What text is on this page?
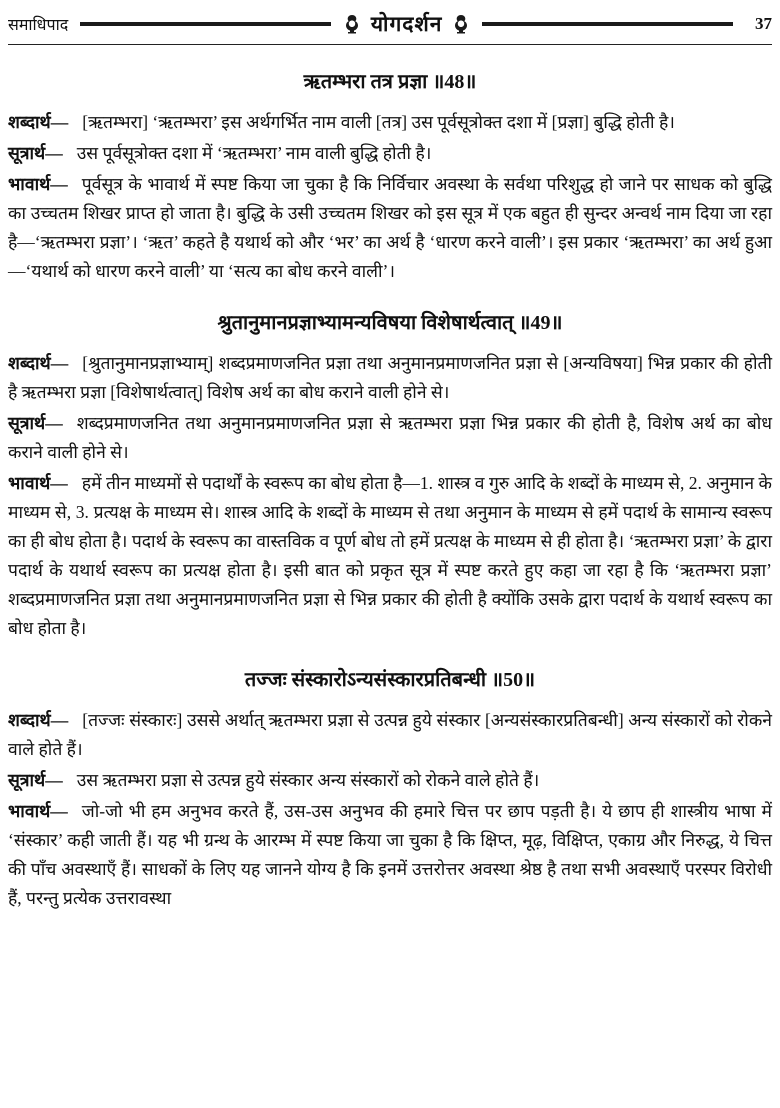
समाधिपाद	योगदर्शन	37
ऋतम्भरा तत्र प्रज्ञा ॥48॥

शब्दार्थ— [ऋतम्भरा] ‘ऋतम्भरा’ इस अर्थगर्भित नाम वाली [तत्र] उस पूर्वसूत्रोक्त दशा में [प्रज्ञा] बुद्धि होती है।

सूत्रार्थ— उस पूर्वसूत्रोक्त दशा में ‘ऋतम्भरा’ नाम वाली बुद्धि होती है।

भावार्थ— पूर्वसूत्र के भावार्थ में स्पष्ट किया जा चुका है कि निर्विचार अवस्था के सर्वथा परिशुद्ध हो जाने पर साधक को बुद्धि का उच्चतम शिखर प्राप्त हो जाता है। बुद्धि के उसी उच्चतम शिखर को इस सूत्र में एक बहुत ही सुन्दर अन्वर्थ नाम दिया जा रहा है—‘ऋतम्भरा प्रज्ञा’। ‘ऋत’ कहते है यथार्थ को और ‘भर’ का अर्थ है ‘धारण करने वाली’। इस प्रकार ‘ऋतम्भरा’ का अर्थ हुआ—‘यथार्थ को धारण करने वाली’ या ‘सत्य का बोध करने वाली’।

श्रुतानुमानप्रज्ञाभ्यामन्यविषया विशेषार्थत्वात् ॥49॥

शब्दार्थ— [श्रुतानुमानप्रज्ञाभ्याम्] शब्दप्रमाणजनित प्रज्ञा तथा अनुमानप्रमाणजनित प्रज्ञा से [अन्यविषया] भिन्न प्रकार की होती है ऋतम्भरा प्रज्ञा [विशेषार्थत्वात्] विशेष अर्थ का बोध कराने वाली होने से।

सूत्रार्थ— शब्दप्रमाणजनित तथा अनुमानप्रमाणजनित प्रज्ञा से ऋतम्भरा प्रज्ञा भिन्न प्रकार की होती है, विशेष अर्थ का बोध कराने वाली होने से।

भावार्थ— हमें तीन माध्यमों से पदार्थों के स्वरूप का बोध होता है—1. शास्त्र व गुरु आदि के शब्दों के माध्यम से, 2. अनुमान के माध्यम से, 3. प्रत्यक्ष के माध्यम से। शास्त्र आदि के शब्दों के माध्यम से तथा अनुमान के माध्यम से हमें पदार्थ के सामान्य स्वरूप का ही बोध होता है। पदार्थ के स्वरूप का वास्तविक व पूर्ण बोध तो हमें प्रत्यक्ष के माध्यम से ही होता है। ‘ऋतम्भरा प्रज्ञा’ के द्वारा पदार्थ के यथार्थ स्वरूप का प्रत्यक्ष होता है। इसी बात को प्रकृत सूत्र में स्पष्ट करते हुए कहा जा रहा है कि ‘ऋतम्भरा प्रज्ञा’ शब्दप्रमाणजनित प्रज्ञा तथा अनुमानप्रमाणजनित प्रज्ञा से भिन्न प्रकार की होती है क्योंकि उसके द्वारा पदार्थ के यथार्थ स्वरूप का बोध होता है।

तज्जः संस्कारोऽन्यसंस्कारप्रतिबन्धी ॥50॥

शब्दार्थ— [तज्जः संस्कारः] उससे अर्थात् ऋतम्भरा प्रज्ञा से उत्पन्न हुये संस्कार [अन्यसंस्कारप्रतिबन्धी] अन्य संस्कारों को रोकने वाले होते हैं।

सूत्रार्थ— उस ऋतम्भरा प्रज्ञा से उत्पन्न हुये संस्कार अन्य संस्कारों को रोकने वाले होते हैं।

भावार्थ— जो-जो भी हम अनुभव करते हैं, उस-उस अनुभव की हमारे चित्त पर छाप पड़ती है। ये छाप ही शास्त्रीय भाषा में ‘संस्कार’ कही जाती हैं। यह भी ग्रन्थ के आरम्भ में स्पष्ट किया जा चुका है कि क्षिप्त, मूढ़, विक्षिप्त, एकाग्र और निरुद्ध, ये चित्त की पाँच अवस्थाएँ हैं। साधकों के लिए यह जानने योग्य है कि इनमें उत्तरोत्तर अवस्था श्रेष्ठ है तथा सभी अवस्थाएँ परस्पर विरोधी हैं, परन्तु प्रत्येक उत्तरावस्था
